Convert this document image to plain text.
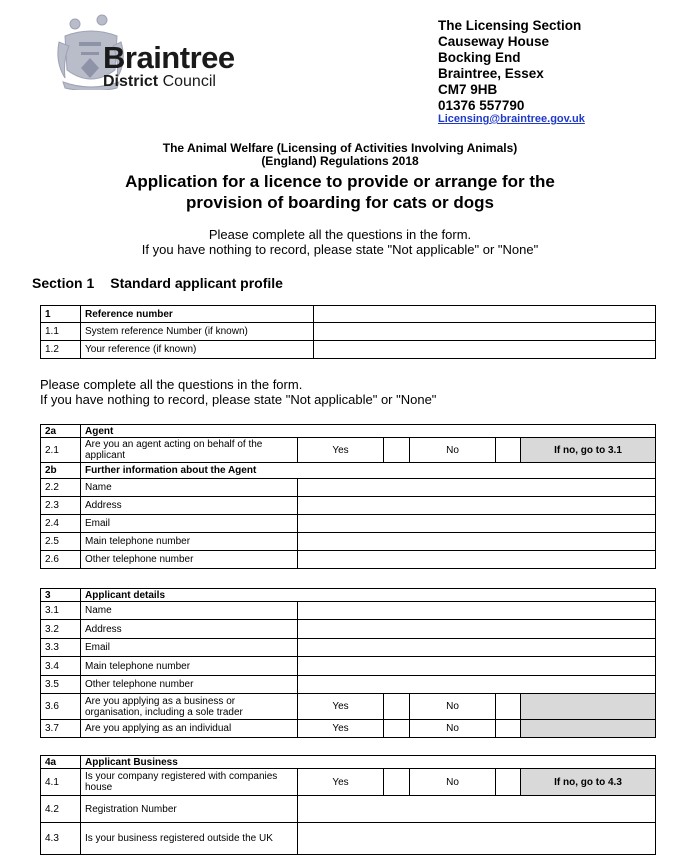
Braintree
District Council
The Licensing Section
Causeway House
Bocking End
Braintree, Essex
CM7 9HB
01376 557790
Licensing@braintree.gov.uk
The Animal Welfare (Licensing of Activities Involving Animals)
(England) Regulations 2018
Application for a licence to provide or arrange for the
provision of boarding for cats or dogs
Please complete all the questions in the form.
If you have nothing to record, please state "Not applicable" or "None"
Section 1 Standard applicant profile
1	Reference number	
1.1	System reference Number (if known)	
1.2	Your reference (if known)	
Please complete all the questions in the form.
If you have nothing to record, please state "Not applicable" or "None"
2a	Agent					
2.1	Are you an agent acting on behalf of the applicant	Yes		No		If no, go to 3.1
2b	Further information about the Agent					
2.2	Name					
2.3	Address					
2.4	Email					
2.5	Main telephone number					
2.6	Other telephone number					
3	Applicant details					
3.1	Name					
3.2	Address					
3.3	Email					
3.4	Main telephone number					
3.5	Other telephone number					
3.6	Are you applying as a business or organisation, including a sole trader	Yes		No		
3.7	Are you applying as an individual	Yes		No		
4a	Applicant Business					
4.1	Is your company registered with companies house	Yes		No		If no, go to 4.3
4.2	Registration Number					
4.3	Is your business registered outside the UK					
